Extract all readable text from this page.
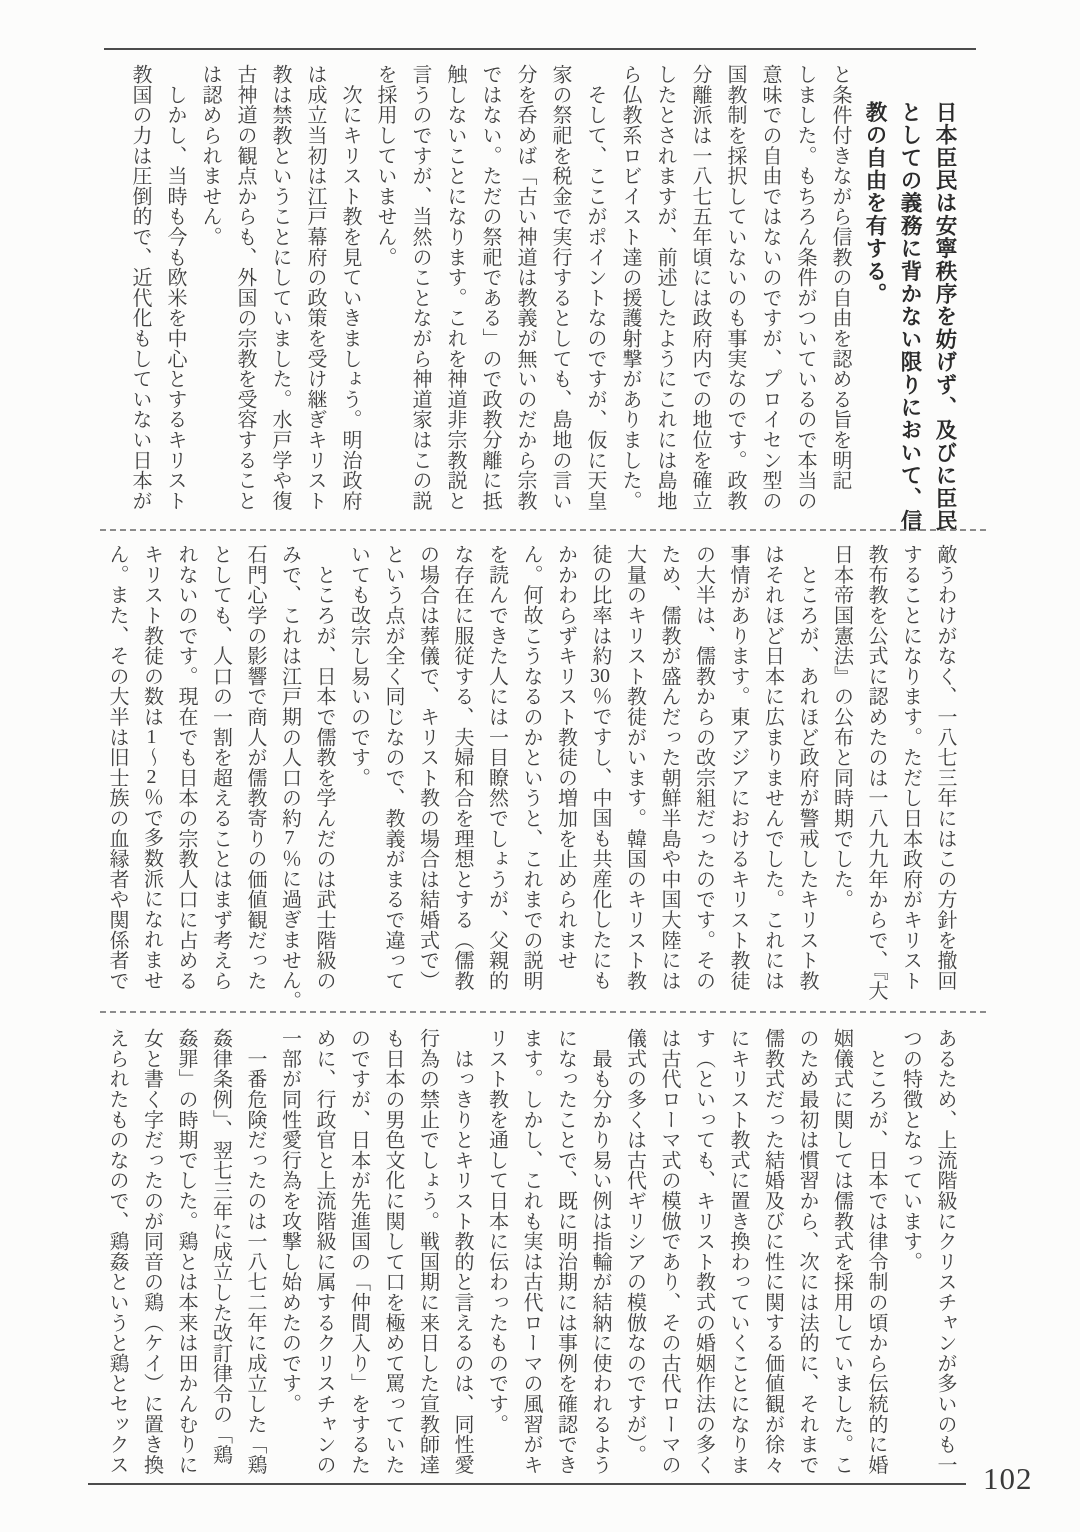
日本臣民は安寧秩序を妨げず、及びに臣民
としての義務に背かない限りにおいて、信
教の自由を有する。
と条件付きながら信教の自由を認める旨を明記
しました。もちろん条件がついているので本当の
意味での自由ではないのですが、プロイセン型の
国教制を採択していないのも事実なのです。政教
分離派は一八七五年頃には政府内での地位を確立
したとされますが、前述したようにこれには島地
ら仏教系ロビイスト達の援護射撃がありました。
　そして、ここがポイントなのですが、仮に天皇
家の祭祀を税金で実行するとしても、島地の言い
分を呑めば「古い神道は教義が無いのだから宗教
ではない。ただの祭祀である」ので政教分離に抵
触しないことになります。これを神道非宗教説と
言うのですが、当然のことながら神道家はこの説
を採用していません。
　次にキリスト教を見ていきましょう。明治政府
は成立当初は江戸幕府の政策を受け継ぎキリスト
教は禁教ということにしていました。水戸学や復
古神道の観点からも、外国の宗教を受容すること
は認められません。
　しかし、当時も今も欧米を中心とするキリスト
教国の力は圧倒的で、近代化もしていない日本が
敵うわけがなく、一八七三年にはこの方針を撤回
することになります。ただし日本政府がキリスト
教布教を公式に認めたのは一八九九年からで、『大
日本帝国憲法』の公布と同時期でした。
　ところが、あれほど政府が警戒したキリスト教
はそれほど日本に広まりませんでした。これには
事情があります。東アジアにおけるキリスト教徒
の大半は、儒教からの改宗組だったのです。その
ため、儒教が盛んだった朝鮮半島や中国大陸には
大量のキリスト教徒がいます。韓国のキリスト教
徒の比率は約30％ですし、中国も共産化したにも
かかわらずキリスト教徒の増加を止められませ
ん。何故こうなるのかというと、これまでの説明
を読んできた人には一目瞭然でしょうが、父親的
な存在に服従する、夫婦和合を理想とする（儒教
の場合は葬儀で、キリスト教の場合は結婚式で）
という点が全く同じなので、教義がまるで違って
いても改宗し易いのです。
　ところが、日本で儒教を学んだのは武士階級の
みで、これは江戸期の人口の約7％に過ぎません。
石門心学の影響で商人が儒教寄りの価値観だった
としても、人口の一割を超えることはまず考えら
れないのです。現在でも日本の宗教人口に占める
キリスト教徒の数は1～2％で多数派になれませ
ん。また、その大半は旧士族の血縁者や関係者で
あるため、上流階級にクリスチャンが多いのも一
つの特徴となっています。
　ところが、日本では律令制の頃から伝統的に婚
姻儀式に関しては儒教式を採用していました。こ
のため最初は慣習から、次には法的に、それまで
儒教式だった結婚及びに性に関する価値観が徐々
にキリスト教式に置き換わっていくことになりま
す（といっても、キリスト教式の婚姻作法の多く
は古代ローマ式の模倣であり、その古代ローマの
儀式の多くは古代ギリシアの模倣なのですが）。
　最も分かり易い例は指輪が結納に使われるよう
になったことで、既に明治期には事例を確認でき
ます。しかし、これも実は古代ローマの風習がキ
リスト教を通して日本に伝わったものです。
　はっきりとキリスト教的と言えるのは、同性愛
行為の禁止でしょう。戦国期に来日した宣教師達
も日本の男色文化に関して口を極めて罵っていた
のですが、日本が先進国の「仲間入り」をするた
めに、行政官と上流階級に属するクリスチャンの
一部が同性愛行為を攻撃し始めたのです。
　一番危険だったのは一八七二年に成立した「鶏
姦律条例」、翌七三年に成立した改訂律令の「鶏
姦罪」の時期でした。鶏とは本来は田かんむりに
女と書く字だったのが同音の鶏（ケイ）に置き換
えられたものなので、鶏姦というと鶏とセックス
102
